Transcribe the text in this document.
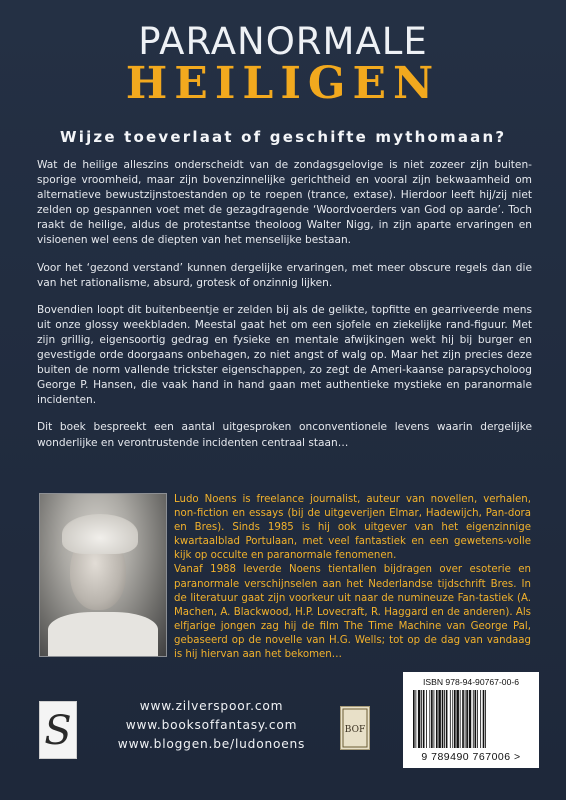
PARANORMALE
HEILIGEN
Wijze toeverlaat of geschifte mythomaan?

Wat de heilige alleszins onderscheidt van de zondagsgelovige is niet zozeer zijn buiten-sporige vroomheid, maar zijn bovenzinnelijke gerichtheid en vooral zijn bekwaamheid om alternatieve bewustzijnstoestanden op te roepen (trance, extase). Hierdoor leeft hij/zij niet zelden op gespannen voet met de gezagdragende ‘Woordvoerders van God op aarde’. Toch raakt de heilige, aldus de protestantse theoloog Walter Nigg, in zijn aparte ervaringen en visioenen wel eens de diepten van het menselijke bestaan.

Voor het ‘gezond verstand’ kunnen dergelijke ervaringen, met meer obscure regels dan die van het rationalisme, absurd, grotesk of onzinnig lijken.

Bovendien loopt dit buitenbeentje er zelden bij als de gelikte, topfitte en gearriveerde mens uit onze glossy weekbladen. Meestal gaat het om een sjofele en ziekelijke rand-figuur. Met zijn grillig, eigensoortig gedrag en fysieke en mentale afwijkingen wekt hij bij burger en gevestigde orde doorgaans onbehagen, zo niet angst of walg op. Maar het zijn precies deze buiten de norm vallende trickster eigenschappen, zo zegt de Ameri-kaanse parapsycholoog George P. Hansen, die vaak hand in hand gaan met authentieke mystieke en paranormale incidenten.

Dit boek bespreekt een aantal uitgesproken onconventionele levens waarin dergelijke wonderlijke en verontrustende incidenten centraal staan…

Ludo Noens is freelance journalist, auteur van novellen, verhalen, non-fiction en essays (bij de uitgeverijen Elmar, Hadewijch, Pan-dora en Bres). Sinds 1985 is hij ook uitgever van het eigenzinnige kwartaalblad Portulaan, met veel fantastiek en een gewetens-volle kijk op occulte en paranormale fenomenen.

Vanaf 1988 leverde Noens tientallen bijdragen over esoterie en paranormale verschijnselen aan het Nederlandse tijdschrift Bres. In de literatuur gaat zijn voorkeur uit naar de numineuze Fan-tastiek (A. Machen, A. Blackwood, H.P. Lovecraft, R. Haggard en de anderen). Als elfjarige jongen zag hij de film The Time Machine van George Pal, gebaseerd op de novelle van H.G. Wells; tot op de dag van vandaag is hij hiervan aan het bekomen…

S
www.zilverspoor.com
www.booksoffantasy.com
www.bloggen.be/ludonoens
BOF
ISBN 978-94-90767-00-6
9 789490 767006 >
